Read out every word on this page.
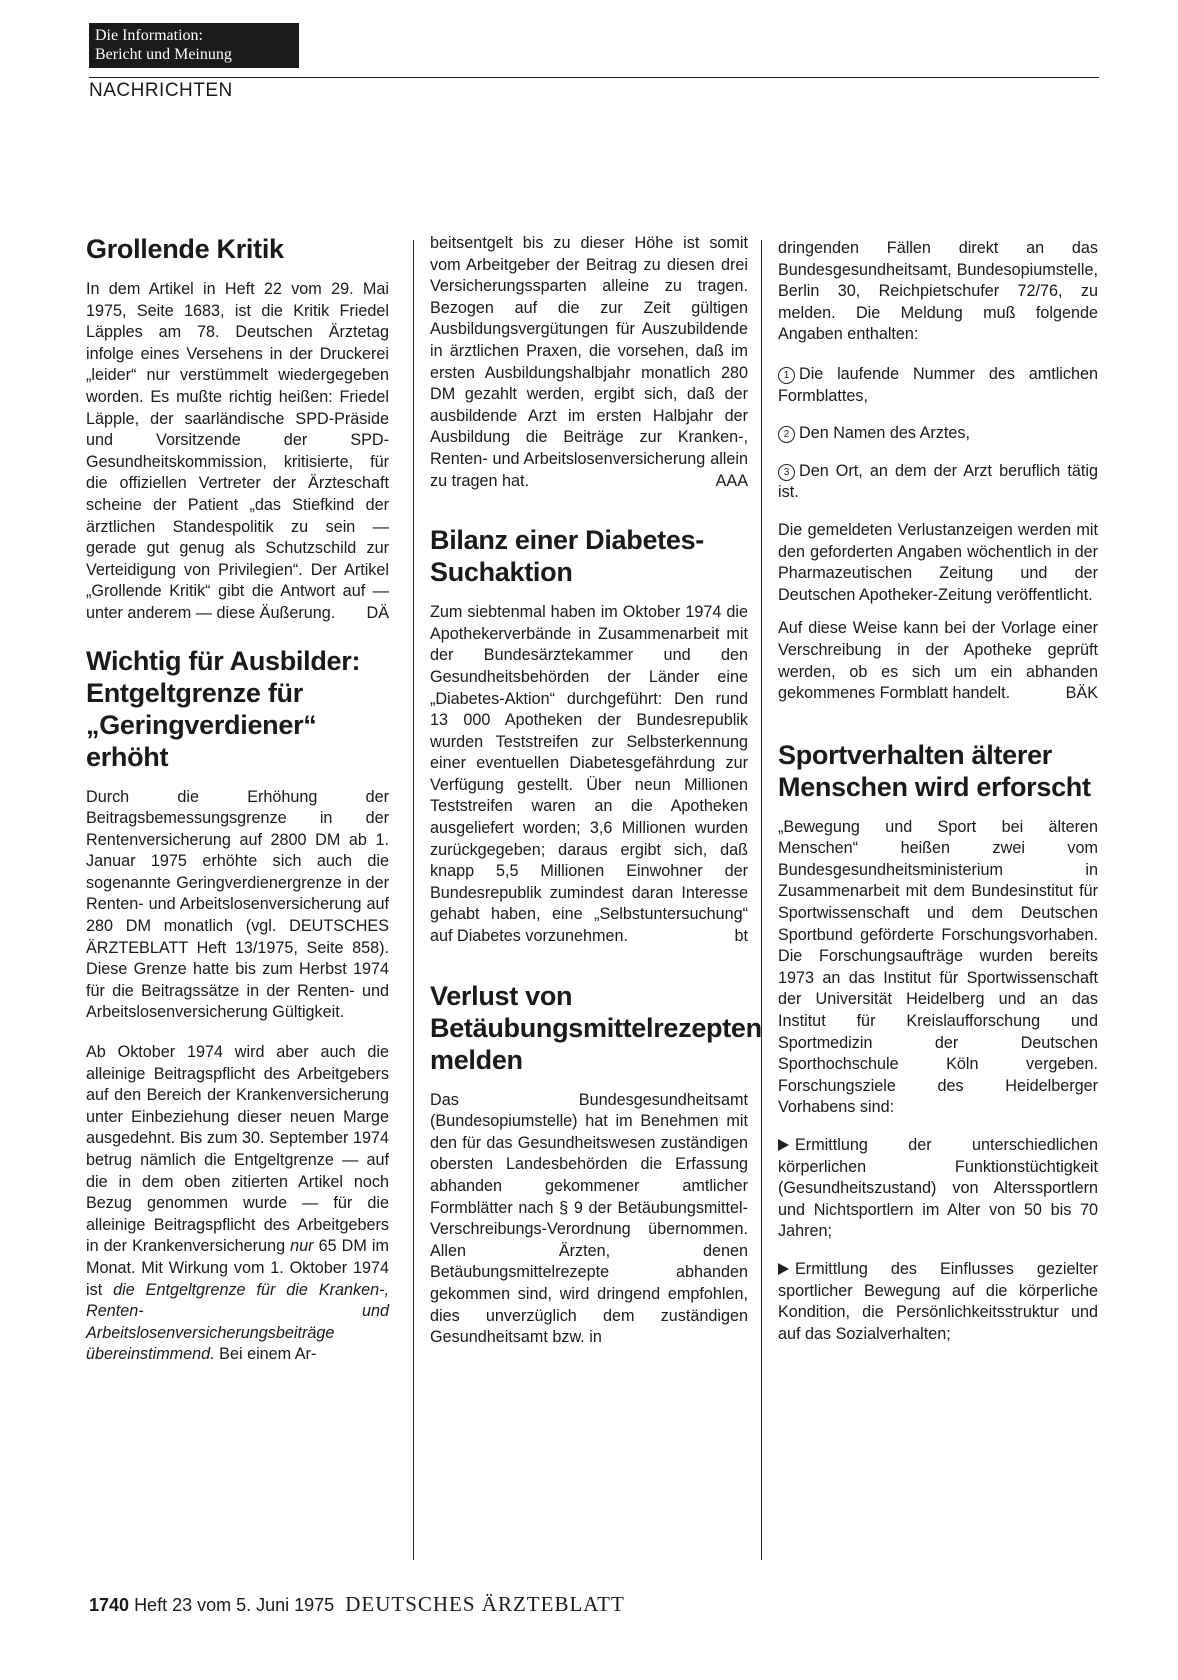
Die Information:
Bericht und Meinung
NACHRICHTEN
Grollende Kritik

In dem Artikel in Heft 22 vom 29. Mai 1975, Seite 1683, ist die Kritik Friedel Läpples am 78. Deutschen Ärztetag infolge eines Versehens in der Druckerei „leider“ nur verstümmelt wiedergegeben worden. Es mußte richtig heißen: Friedel Läpple, der saarländische SPD-Präside und Vorsitzende der SPD-Gesundheitskommission, kritisierte, für die offiziellen Vertreter der Ärzteschaft scheine der Patient „das Stiefkind der ärztlichen Standespolitik zu sein — gerade gut genug als Schutzschild zur Verteidigung von Privilegien“. Der Artikel „Grollende Kritik“ gibt die Antwort auf — unter anderem — diese Äußerung. DÄ

Wichtig für Ausbilder: Entgeltgrenze für „Geringverdiener“ erhöht

Durch die Erhöhung der Beitragsbemessungsgrenze in der Rentenversicherung auf 2800 DM ab 1. Januar 1975 erhöhte sich auch die sogenannte Geringverdienergrenze in der Renten- und Arbeitslosenversicherung auf 280 DM monatlich (vgl. DEUTSCHES ÄRZTEBLATT Heft 13/1975, Seite 858). Diese Grenze hatte bis zum Herbst 1974 für die Beitragssätze in der Renten- und Arbeitslosenversicherung Gültigkeit.

Ab Oktober 1974 wird aber auch die alleinige Beitragspflicht des Arbeitgebers auf den Bereich der Krankenversicherung unter Einbeziehung dieser neuen Marge ausgedehnt. Bis zum 30. September 1974 betrug nämlich die Entgeltgrenze — auf die in dem oben zitierten Artikel noch Bezug genommen wurde — für die alleinige Beitragspflicht des Arbeitgebers in der Krankenversicherung nur 65 DM im Monat. Mit Wirkung vom 1. Oktober 1974 ist die Entgeltgrenze für die Kranken-, Renten- und Arbeitslosenversicherungsbeiträge übereinstimmend. Bei einem Ar-

beitsentgelt bis zu dieser Höhe ist somit vom Arbeitgeber der Beitrag zu diesen drei Versicherungssparten alleine zu tragen. Bezogen auf die zur Zeit gültigen Ausbildungsvergütungen für Auszubildende in ärztlichen Praxen, die vorsehen, daß im ersten Ausbildungshalbjahr monatlich 280 DM gezahlt werden, ergibt sich, daß der ausbildende Arzt im ersten Halbjahr der Ausbildung die Beiträge zur Kranken-, Renten- und Arbeitslosenversicherung allein zu tragen hat.	AAA

Bilanz einer Diabetes-Suchaktion

Zum siebtenmal haben im Oktober 1974 die Apothekerverbände in Zusammenarbeit mit der Bundesärztekammer und den Gesundheitsbehörden der Länder eine „Diabetes-Aktion“ durchgeführt: Den rund 13 000 Apotheken der Bundesrepublik wurden Teststreifen zur Selbsterkennung einer eventuellen Diabetesgefährdung zur Verfügung gestellt. Über neun Millionen Teststreifen waren an die Apotheken ausgeliefert worden; 3,6 Millionen wurden zurückgegeben; daraus ergibt sich, daß knapp 5,5 Millionen Einwohner der Bundesrepublik zumindest daran Interesse gehabt haben, eine „Selbstuntersuchung“ auf Diabetes vorzunehmen.	bt

Verlust von Betäubungsmittelrezepten melden

Das Bundesgesundheitsamt (Bundesopiumstelle) hat im Benehmen mit den für das Gesundheitswesen zuständigen obersten Landesbehörden die Erfassung abhanden gekommener amtlicher Formblätter nach § 9 der Betäubungsmittel-Verschreibungs-Verordnung übernommen. Allen Ärzten, denen Betäubungsmittelrezepte abhanden gekommen sind, wird dringend empfohlen, dies unverzüglich dem zuständigen Gesundheitsamt bzw. in

dringenden Fällen direkt an das Bundesgesundheitsamt, Bundesopiumstelle, Berlin 30, Reichpietschufer 72/76, zu melden. Die Meldung muß folgende Angaben enthalten:

1 Die laufende Nummer des amtlichen Formblattes,
2 Den Namen des Arztes,
3 Den Ort, an dem der Arzt beruflich tätig ist.

Die gemeldeten Verlustanzeigen werden mit den geforderten Angaben wöchentlich in der Pharmazeutischen Zeitung und der Deutschen Apotheker-Zeitung veröffentlicht.

Auf diese Weise kann bei der Vorlage einer Verschreibung in der Apotheke geprüft werden, ob es sich um ein abhanden gekommenes Formblatt handelt.	BÄK

Sportverhalten älterer Menschen wird erforscht

„Bewegung und Sport bei älteren Menschen“ heißen zwei vom Bundesgesundheitsministerium in Zusammenarbeit mit dem Bundesinstitut für Sportwissenschaft und dem Deutschen Sportbund geförderte Forschungsvorhaben. Die Forschungsaufträge wurden bereits 1973 an das Institut für Sportwissenschaft der Universität Heidelberg und an das Institut für Kreislaufforschung und Sportmedizin der Deutschen Sporthochschule Köln vergeben. Forschungsziele des Heidelberger Vorhabens sind:

Ermittlung der unterschiedlichen körperlichen Funktionstüchtigkeit (Gesundheitszustand) von Alterssportlern und Nichtsportlern im Alter von 50 bis 70 Jahren;
Ermittlung des Einflusses gezielter sportlicher Bewegung auf die körperliche Kondition, die Persönlichkeitsstruktur und auf das Sozialverhalten;
1740 Heft 23 vom 5. Juni 1975 DEUTSCHES ÄRZTEBLATT
